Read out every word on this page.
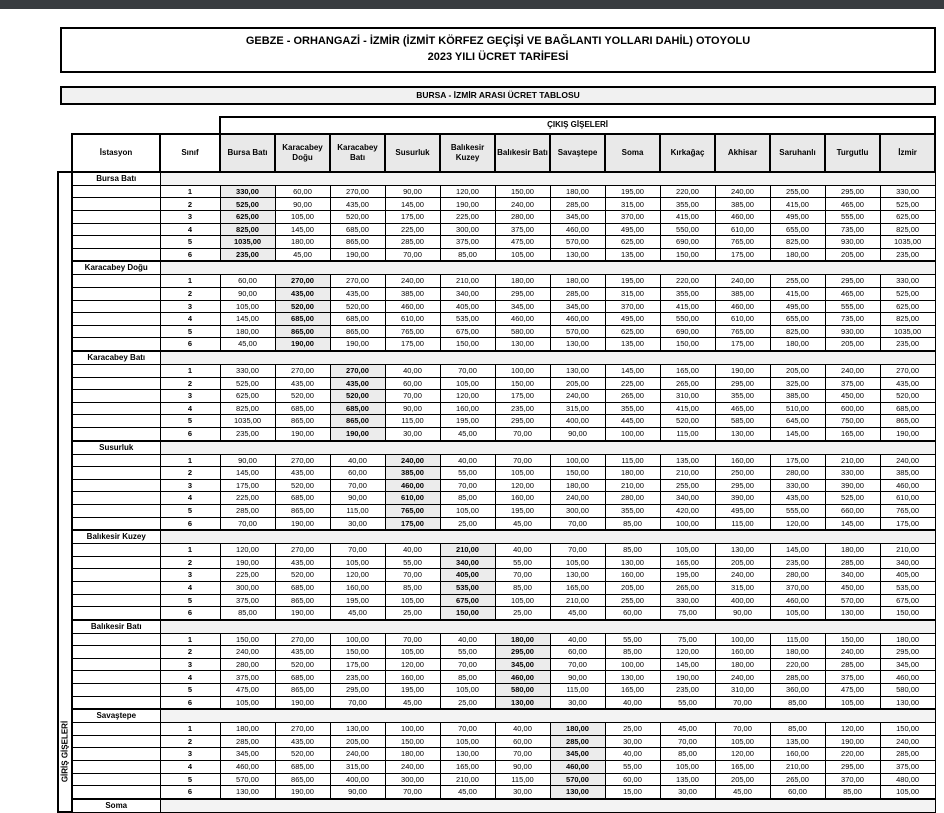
GEBZE - ORHANGAZİ - İZMİR (İZMİT KÖRFEZ GEÇİŞİ VE BAĞLANTI YOLLARI DAHİL) OTOYOLU
2023 YILI ÜCRET TARİFESİ
BURSA - İZMİR ARASI ÜCRET TABLOSU
			ÇIKIŞ GİŞELERİ												
	İstasyon	Sınıf	Bursa Batı	Karacabey Doğu	Karacabey Batı	Susurluk	Balıkesir Kuzey	Balıkesir Batı	Savaştepe	Soma	Kırkağaç	Akhisar	Saruhanlı	Turgutlu	İzmir

GİRİŞ GİŞELERİ	Bursa Batı														
		1	330,00	60,00	270,00	90,00	120,00	150,00	180,00	195,00	220,00	240,00	255,00	295,00	330,00
		2	525,00	90,00	435,00	145,00	190,00	240,00	285,00	315,00	355,00	385,00	415,00	465,00	525,00
		3	625,00	105,00	520,00	175,00	225,00	280,00	345,00	370,00	415,00	460,00	495,00	555,00	625,00
		4	825,00	145,00	685,00	225,00	300,00	375,00	460,00	495,00	550,00	610,00	655,00	735,00	825,00
		5	1035,00	180,00	865,00	285,00	375,00	475,00	570,00	625,00	690,00	765,00	825,00	930,00	1035,00
		6	235,00	45,00	190,00	70,00	85,00	105,00	130,00	135,00	150,00	175,00	180,00	205,00	235,00
	Karacabey Doğu														
		1	60,00	270,00	270,00	240,00	210,00	180,00	180,00	195,00	220,00	240,00	255,00	295,00	330,00
		2	90,00	435,00	435,00	385,00	340,00	295,00	285,00	315,00	355,00	385,00	415,00	465,00	525,00
		3	105,00	520,00	520,00	460,00	405,00	345,00	345,00	370,00	415,00	460,00	495,00	555,00	625,00
		4	145,00	685,00	685,00	610,00	535,00	460,00	460,00	495,00	550,00	610,00	655,00	735,00	825,00
		5	180,00	865,00	865,00	765,00	675,00	580,00	570,00	625,00	690,00	765,00	825,00	930,00	1035,00
		6	45,00	190,00	190,00	175,00	150,00	130,00	130,00	135,00	150,00	175,00	180,00	205,00	235,00
	Karacabey Batı														
		1	330,00	270,00	270,00	40,00	70,00	100,00	130,00	145,00	165,00	190,00	205,00	240,00	270,00
		2	525,00	435,00	435,00	60,00	105,00	150,00	205,00	225,00	265,00	295,00	325,00	375,00	435,00
		3	625,00	520,00	520,00	70,00	120,00	175,00	240,00	265,00	310,00	355,00	385,00	450,00	520,00
		4	825,00	685,00	685,00	90,00	160,00	235,00	315,00	355,00	415,00	465,00	510,00	600,00	685,00
		5	1035,00	865,00	865,00	115,00	195,00	295,00	400,00	445,00	520,00	585,00	645,00	750,00	865,00
		6	235,00	190,00	190,00	30,00	45,00	70,00	90,00	100,00	115,00	130,00	145,00	165,00	190,00
	Susurluk														
		1	90,00	270,00	40,00	240,00	40,00	70,00	100,00	115,00	135,00	160,00	175,00	210,00	240,00
		2	145,00	435,00	60,00	385,00	55,00	105,00	150,00	180,00	210,00	250,00	280,00	330,00	385,00
		3	175,00	520,00	70,00	460,00	70,00	120,00	180,00	210,00	255,00	295,00	330,00	390,00	460,00
		4	225,00	685,00	90,00	610,00	85,00	160,00	240,00	280,00	340,00	390,00	435,00	525,00	610,00
		5	285,00	865,00	115,00	765,00	105,00	195,00	300,00	355,00	420,00	495,00	555,00	660,00	765,00
		6	70,00	190,00	30,00	175,00	25,00	45,00	70,00	85,00	100,00	115,00	120,00	145,00	175,00
	Balıkesir Kuzey														
		1	120,00	270,00	70,00	40,00	210,00	40,00	70,00	85,00	105,00	130,00	145,00	180,00	210,00
		2	190,00	435,00	105,00	55,00	340,00	55,00	105,00	130,00	165,00	205,00	235,00	285,00	340,00
		3	225,00	520,00	120,00	70,00	405,00	70,00	130,00	160,00	195,00	240,00	280,00	340,00	405,00
		4	300,00	685,00	160,00	85,00	535,00	85,00	165,00	205,00	265,00	315,00	370,00	450,00	535,00
		5	375,00	865,00	195,00	105,00	675,00	105,00	210,00	255,00	330,00	400,00	460,00	570,00	675,00
		6	85,00	190,00	45,00	25,00	150,00	25,00	45,00	60,00	75,00	90,00	105,00	130,00	150,00
	Balıkesir Batı														
		1	150,00	270,00	100,00	70,00	40,00	180,00	40,00	55,00	75,00	100,00	115,00	150,00	180,00
		2	240,00	435,00	150,00	105,00	55,00	295,00	60,00	85,00	120,00	160,00	180,00	240,00	295,00
		3	280,00	520,00	175,00	120,00	70,00	345,00	70,00	100,00	145,00	180,00	220,00	285,00	345,00
		4	375,00	685,00	235,00	160,00	85,00	460,00	90,00	130,00	190,00	240,00	285,00	375,00	460,00
		5	475,00	865,00	295,00	195,00	105,00	580,00	115,00	165,00	235,00	310,00	360,00	475,00	580,00
		6	105,00	190,00	70,00	45,00	25,00	130,00	30,00	40,00	55,00	70,00	85,00	105,00	130,00
	Savaştepe														
		1	180,00	270,00	130,00	100,00	70,00	40,00	180,00	25,00	45,00	70,00	85,00	120,00	150,00
		2	285,00	435,00	205,00	150,00	105,00	60,00	285,00	30,00	70,00	105,00	135,00	190,00	240,00
		3	345,00	520,00	240,00	180,00	130,00	70,00	345,00	40,00	85,00	120,00	160,00	220,00	285,00
		4	460,00	685,00	315,00	240,00	165,00	90,00	460,00	55,00	105,00	165,00	210,00	295,00	375,00
		5	570,00	865,00	400,00	300,00	210,00	115,00	570,00	60,00	135,00	205,00	265,00	370,00	480,00
		6	130,00	190,00	90,00	70,00	45,00	30,00	130,00	15,00	30,00	45,00	60,00	85,00	105,00
	Soma														
